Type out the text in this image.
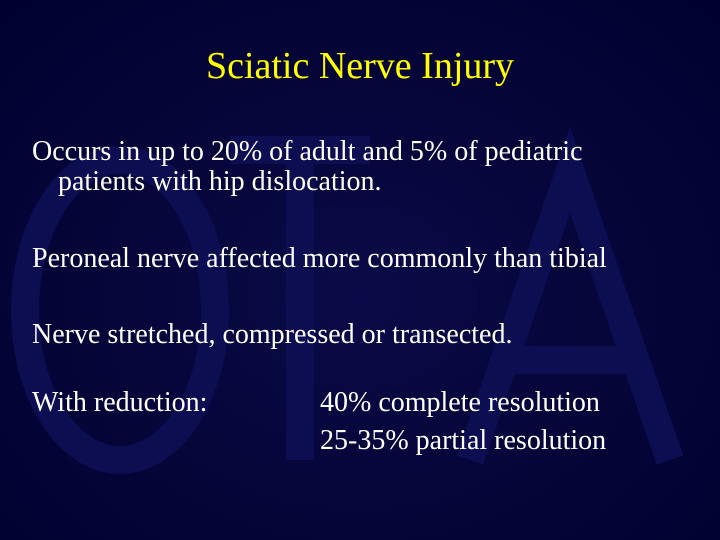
Sciatic Nerve Injury
Occurs in up to 20% of adult and 5% of pediatric
patients with hip dislocation.
Peroneal nerve affected more commonly than tibial
Nerve stretched, compressed or transected.
With reduction:	40% complete resolution
25-35% partial resolution
